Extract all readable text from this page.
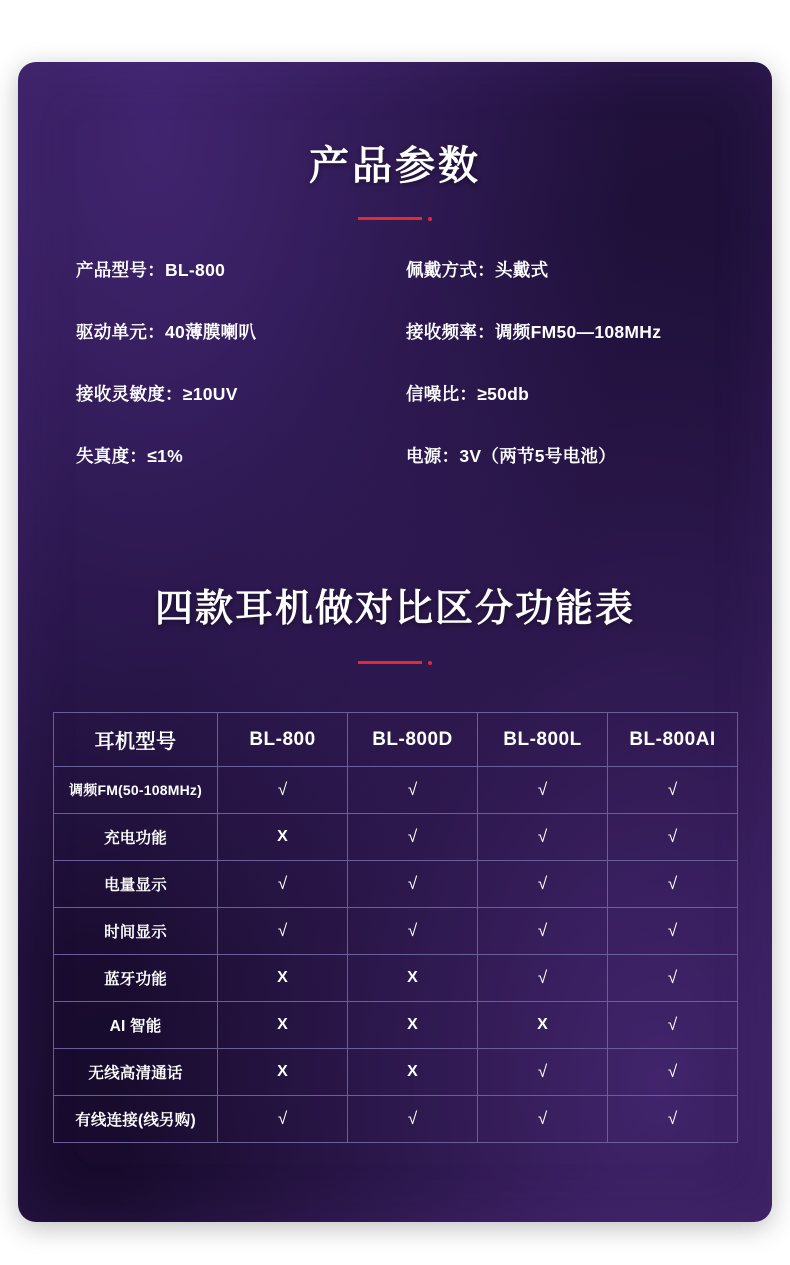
产品参数
产品型号：BL-800	佩戴方式：头戴式
驱动单元：40薄膜喇叭	接收频率：调频FM50—108MHz
接收灵敏度：≥10UV	信噪比：≥50db
失真度：≤1%	电源：3V（两节5号电池）
四款耳机做对比区分功能表
耳机型号	BL-800	BL-800D	BL-800L	BL-800AI
调频FM(50-108MHz)	√	√	√	√
充电功能	X	√	√	√
电量显示	√	√	√	√
时间显示	√	√	√	√
蓝牙功能	X	X	√	√
AI 智能	X	X	X	√
无线高清通话	X	X	√	√
有线连接(线另购)	√	√	√	√
